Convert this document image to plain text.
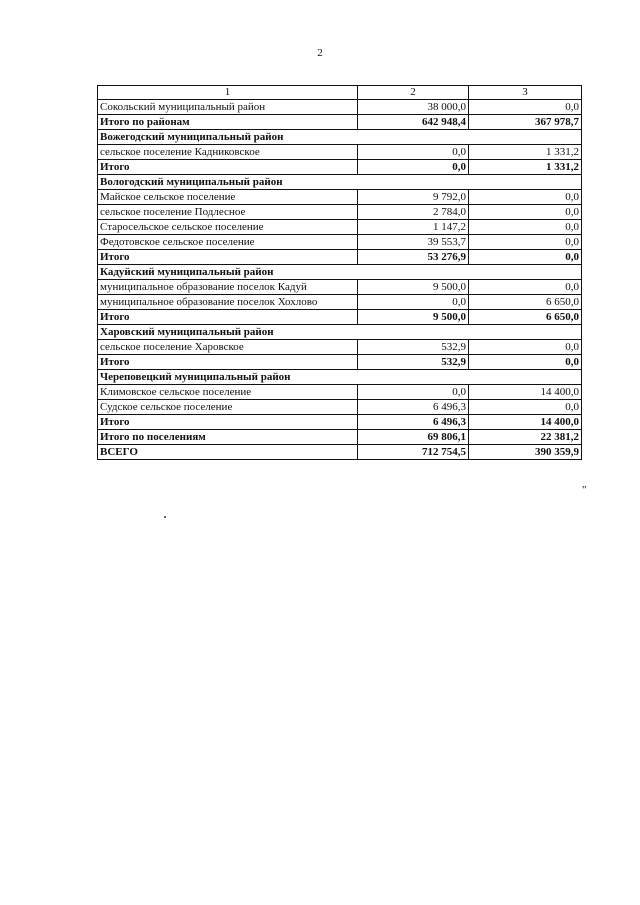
2
1	2	3
Сокольский муниципальный район	38 000,0	0,0
Итого по районам	642 948,4	367 978,7
Вожегодский муниципальный район		
сельское поселение Кадниковское	0,0	1 331,2
Итого	0,0	1 331,2
Вологодский муниципальный район		
Майское сельское поселение	9 792,0	0,0
сельское поселение Подлесное	2 784,0	0,0
Старосельское сельское поселение	1 147,2	0,0
Федотовское сельское поселение	39 553,7	0,0
Итого	53 276,9	0,0
Кадуйский муниципальный район		
муниципальное образование поселок Кадуй	9 500,0	0,0
муниципальное образование поселок Хохлово	0,0	6 650,0
Итого	9 500,0	6 650,0
Харовский муниципальный район		
сельское поселение Харовское	532,9	0,0
Итого	532,9	0,0
Череповецкий муниципальный район		
Климовское сельское поселение	0,0	14 400,0
Судское сельское поселение	6 496,3	0,0
Итого	6 496,3	14 400,0
Итого по поселениям	69 806,1	22 381,2
ВСЕГО	712 754,5	390 359,9
"
